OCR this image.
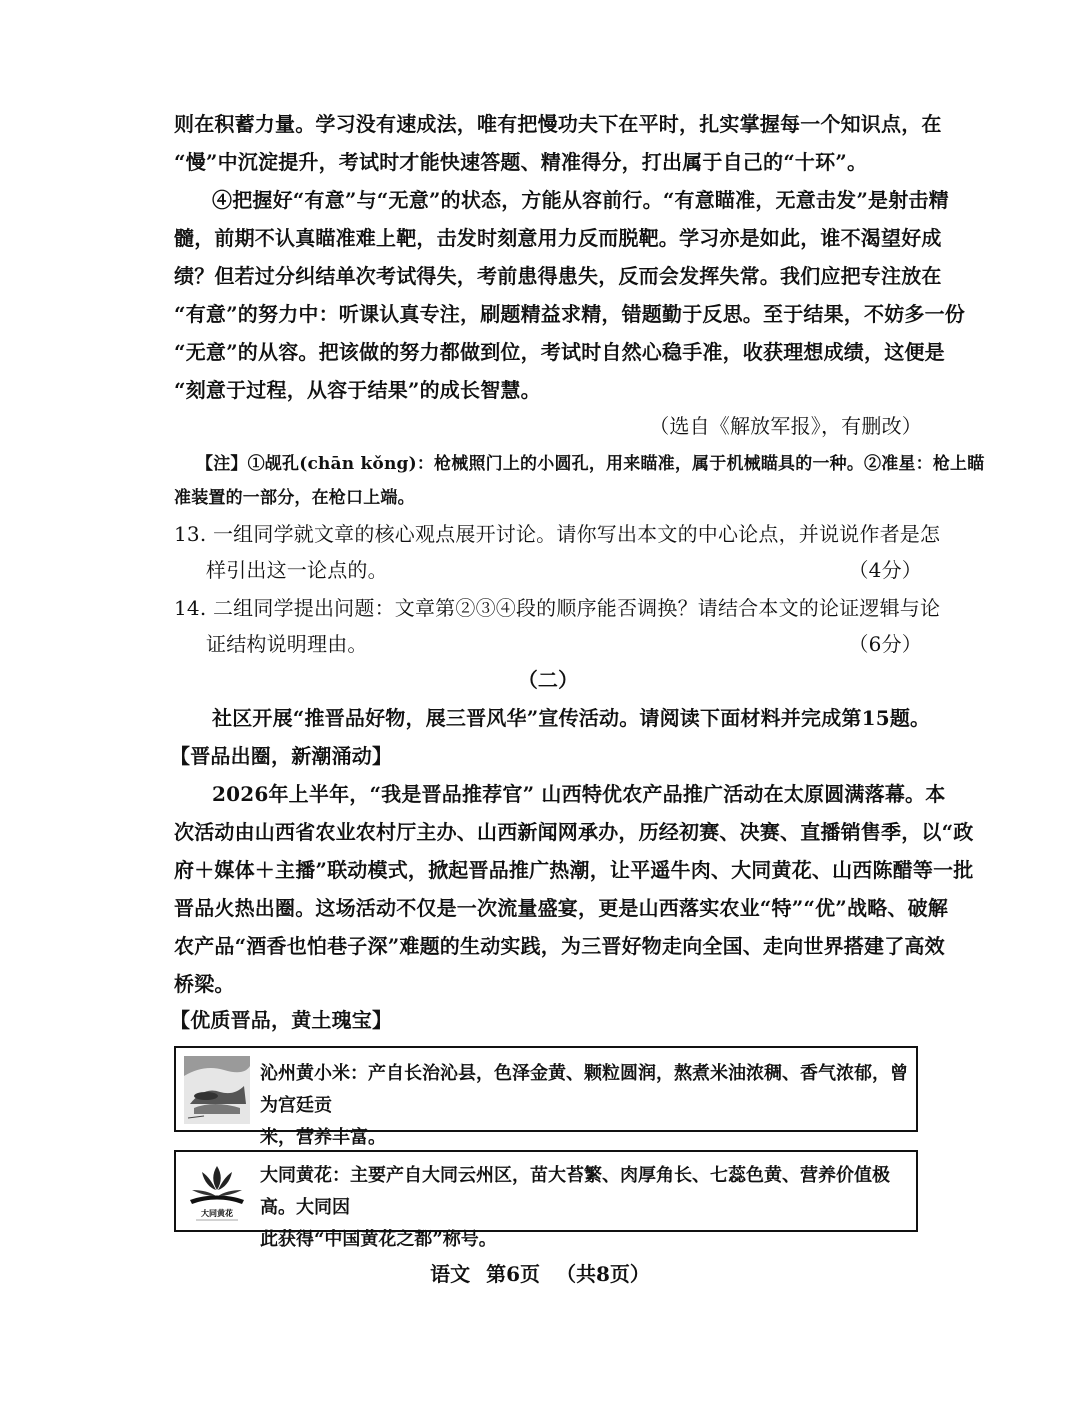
则在积蓄力量。学习没有速成法，唯有把慢功夫下在平时，扎实掌握每一个知识点，在
“慢”中沉淀提升，考试时才能快速答题、精准得分，打出属于自己的“十环”。
④把握好“有意”与“无意”的状态，方能从容前行。“有意瞄准，无意击发”是射击精
髓，前期不认真瞄准难上靶，击发时刻意用力反而脱靶。学习亦是如此，谁不渴望好成
绩？但若过分纠结单次考试得失，考前患得患失，反而会发挥失常。我们应把专注放在
“有意”的努力中：听课认真专注，刷题精益求精，错题勤于反思。至于结果，不妨多一份
“无意”的从容。把该做的努力都做到位，考试时自然心稳手准，收获理想成绩，这便是
“刻意于过程，从容于结果”的成长智慧。
（选自《解放军报》，有删改）
【注】①觇孔(chān kǒng)：枪械照门上的小圆孔，用来瞄准，属于机械瞄具的一种。②准星：枪上瞄
准装置的一部分，在枪口上端。
13. 一组同学就文章的核心观点展开讨论。请你写出本文的中心论点，并说说作者是怎
样引出这一论点的。	（4分）
14. 二组同学提出问题：文章第②③④段的顺序能否调换？请结合本文的论证逻辑与论
证结构说明理由。	（6分）
（二）
社区开展“推晋品好物，展三晋风华”宣传活动。请阅读下面材料并完成第15题。
【晋品出圈，新潮涌动】
2026年上半年，“我是晋品推荐官” 山西特优农产品推广活动在太原圆满落幕。本
次活动由山西省农业农村厅主办、山西新闻网承办，历经初赛、决赛、直播销售季，以“政
府＋媒体＋主播”联动模式，掀起晋品推广热潮，让平遥牛肉、大同黄花、山西陈醋等一批
晋品火热出圈。这场活动不仅是一次流量盛宴，更是山西落实农业“特”“优”战略、破解
农产品“酒香也怕巷子深”难题的生动实践，为三晋好物走向全国、走向世界搭建了高效
桥梁。
【优质晋品，黄土瑰宝】
沁州黄小米：产自长治沁县，色泽金黄、颗粒圆润，熬煮米油浓稠、香气浓郁，曾为宫廷贡
米，营养丰富。
大同黄花
大同黄花：主要产自大同云州区，苗大苔繁、肉厚角长、七蕊色黄、营养价值极高。大同因
此获得“中国黄花之都”称号。
语文 第6页 （共8页）
